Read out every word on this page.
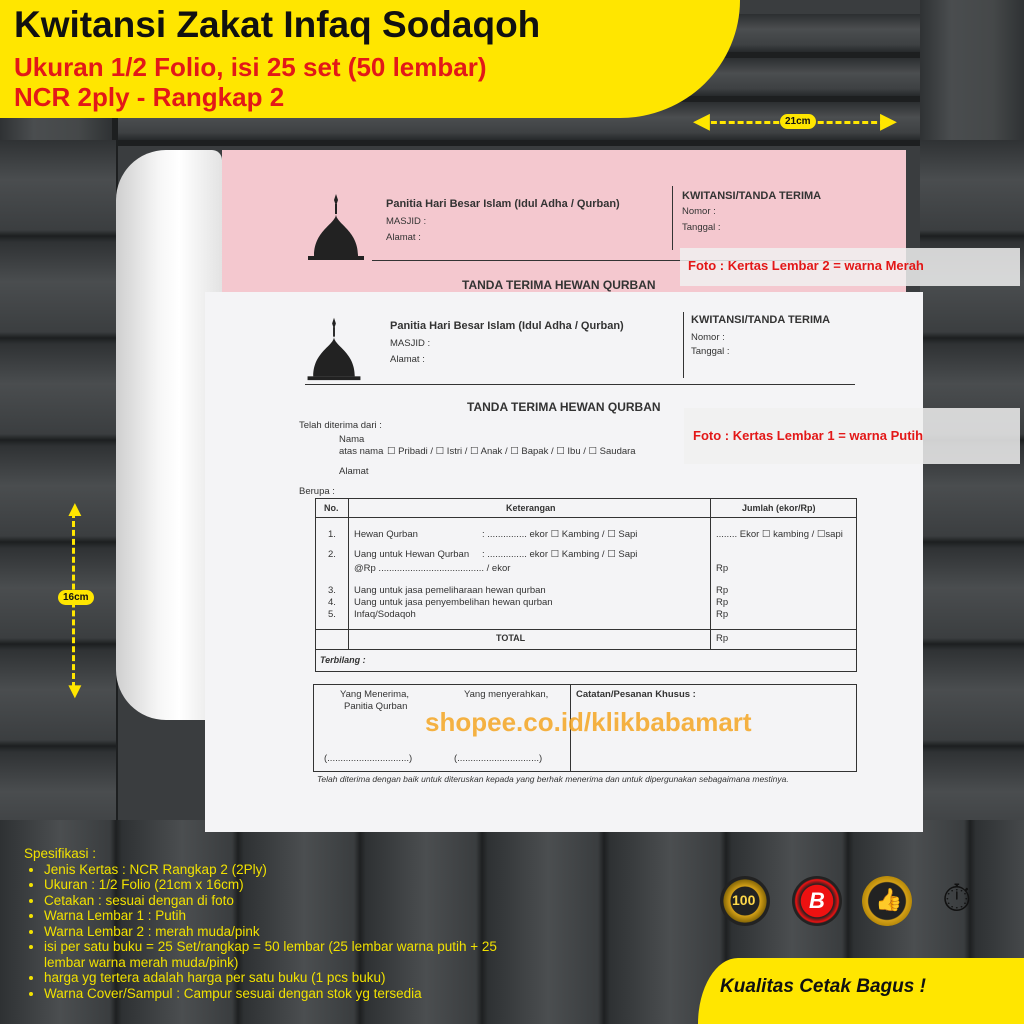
Kwitansi Zakat Infaq Sodaqoh
Ukuran 1/2 Folio, isi 25 set (50 lembar)
NCR 2ply - Rangkap 2
◀	▶
21cm
▲
▼
16cm
Panitia Hari Besar Islam (Idul Adha / Qurban)
MASJID :
Alamat :
KWITANSI/TANDA TERIMA
Nomor :
Tanggal :
TANDA TERIMA HEWAN QURBAN
Foto : Kertas Lembar 2 = warna Merah
Panitia Hari Besar Islam (Idul Adha / Qurban)
MASJID :
Alamat :
KWITANSI/TANDA TERIMA
Nomor :
Tanggal :
TANDA TERIMA HEWAN QURBAN
Telah diterima dari :
Nama
atas nama ☐ Pribadi / ☐ Istri / ☐ Anak / ☐ Bapak / ☐ Ibu / ☐ Saudara
Alamat
Berupa :
No.	Keterangan	Jumlah (ekor/Rp)
1. Hewan Qurban	: ............... ekor ☐ Kambing / ☐ Sapi	........ Ekor ☐ kambing / ☐sapi
2. Uang untuk Hewan Qurban : ............... ekor ☐ Kambing / ☐ Sapi
@Rp ........................................ / ekor	Rp
3. Uang untuk jasa pemeliharaan hewan qurban	Rp
4. Uang untuk jasa penyembelihan hewan qurban	Rp
5. Infaq/Sodaqoh	Rp
TOTAL	Rp
Terbilang :
Yang Menerima,
Panitia Qurban
Yang menyerahkan,	Catatan/Pesanan Khusus :
(...............................)	(...............................)
Telah diterima dengan baik untuk diteruskan kepada yang berhak menerima dan untuk dipergunakan sebagaimana mestinya.
Foto : Kertas Lembar 1 = warna Putih
shopee.co.id/klikbabamart
Spesifikasi :
• Jenis Kertas : NCR Rangkap 2 (2Ply)
• Ukuran : 1/2 Folio (21cm x 16cm)
• Cetakan : sesuai dengan di foto
• Warna Lembar 1 : Putih
• Warna Lembar 2 : merah muda/pink
• isi per satu buku = 25 Set/rangkap = 50 lembar (25 lembar warna putih + 25 lembar warna merah muda/pink)
• harga yg tertera adalah harga per satu buku (1 pcs buku)
• Warna Cover/Sampul : Campur sesuai dengan stok yg tersedia
100 B 👍 ⏱
Kualitas Cetak Bagus !
